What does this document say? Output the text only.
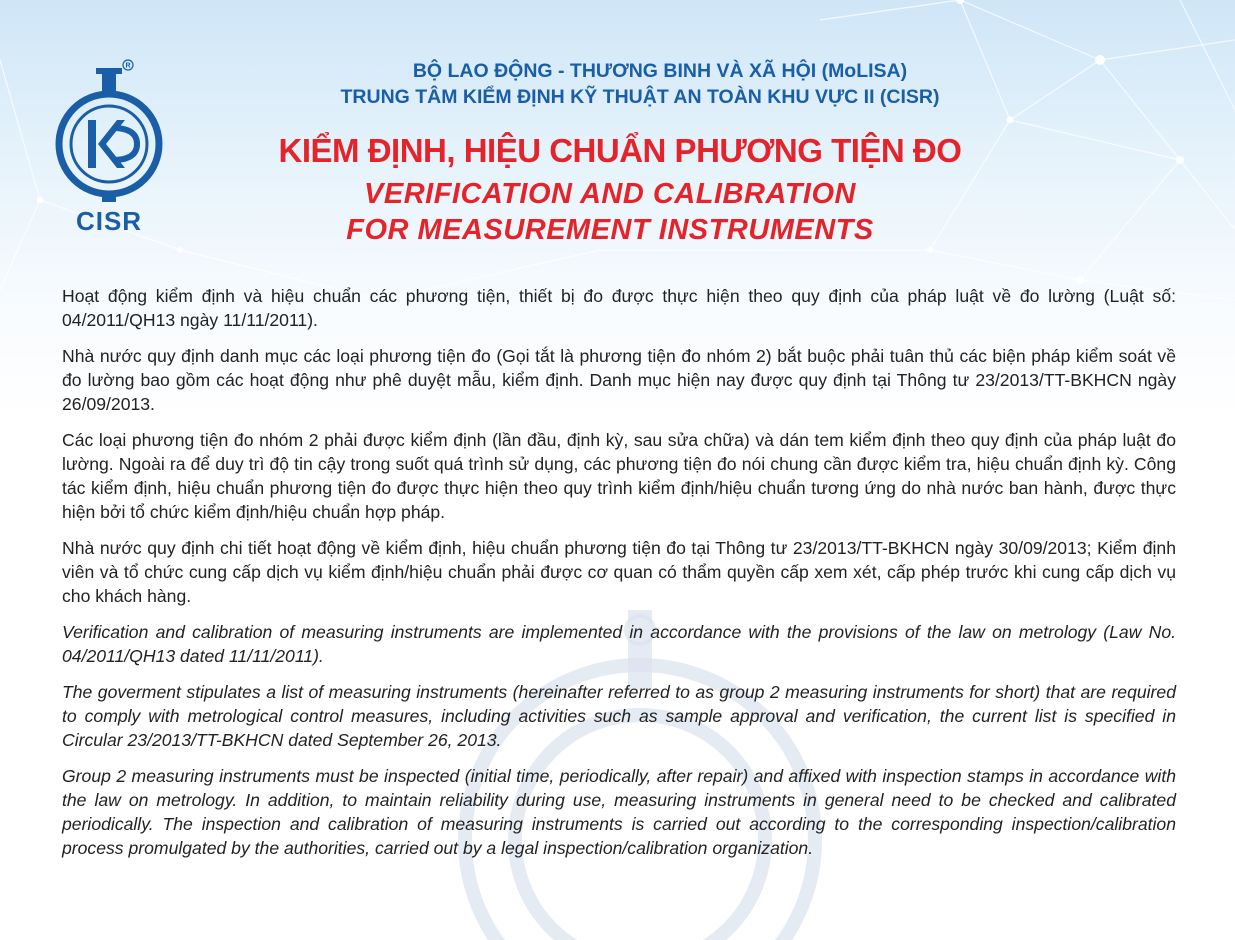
R
CISR

BỘ LAO ĐỘNG - THƯƠNG BINH VÀ XÃ HỘI (MoLISA)

TRUNG TÂM KIỂM ĐỊNH KỸ THUẬT AN TOÀN KHU VỰC II (CISR)

KIỂM ĐỊNH, HIỆU CHUẨN PHƯƠNG TIỆN ĐO
VERIFICATION AND CALIBRATION
FOR MEASUREMENT INSTRUMENTS

Hoạt động kiểm định và hiệu chuẩn các phương tiện, thiết bị đo được thực hiện theo quy định của pháp luật về đo lường (Luật số: 04/2011/QH13 ngày 11/11/2011).

Nhà nước quy định danh mục các loại phương tiện đo (Gọi tắt là phương tiện đo nhóm 2) bắt buộc phải tuân thủ các biện pháp kiểm soát về đo lường bao gồm các hoạt động như phê duyệt mẫu, kiểm định. Danh mục hiện nay được quy định tại Thông tư 23/2013/TT-BKHCN ngày 26/09/2013.

Các loại phương tiện đo nhóm 2 phải được kiểm định (lần đầu, định kỳ, sau sửa chữa) và dán tem kiểm định theo quy định của pháp luật đo lường. Ngoài ra để duy trì độ tin cậy trong suốt quá trình sử dụng, các phương tiện đo nói chung cần được kiểm tra, hiệu chuẩn định kỳ. Công tác kiểm định, hiệu chuẩn phương tiện đo được thực hiện theo quy trình kiểm định/hiệu chuẩn tương ứng do nhà nước ban hành, được thực hiện bởi tổ chức kiểm định/hiệu chuẩn hợp pháp.

Nhà nước quy định chi tiết hoạt động về kiểm định, hiệu chuẩn phương tiện đo tại Thông tư 23/2013/TT-BKHCN ngày 30/09/2013; Kiểm định viên và tổ chức cung cấp dịch vụ kiểm định/hiệu chuẩn phải được cơ quan có thẩm quyền cấp xem xét, cấp phép trước khi cung cấp dịch vụ cho khách hàng.

Verification and calibration of measuring instruments are implemented in accordance with the provisions of the law on metrology (Law No. 04/2011/QH13 dated 11/11/2011).

The goverment stipulates a list of measuring instruments (hereinafter referred to as group 2 measuring instruments for short) that are required to comply with metrological control measures, including activities such as sample approval and verification, the current list is specified in Circular 23/2013/TT-BKHCN dated September 26, 2013.

Group 2 measuring instruments must be inspected (initial time, periodically, after repair) and affixed with inspection stamps in accordance with the law on metrology. In addition, to maintain reliability during use, measuring instruments in general need to be checked and calibrated periodically. The inspection and calibration of measuring instruments is carried out according to the corresponding inspection/calibration process promulgated by the authorities, carried out by a legal inspection/calibration organization.
